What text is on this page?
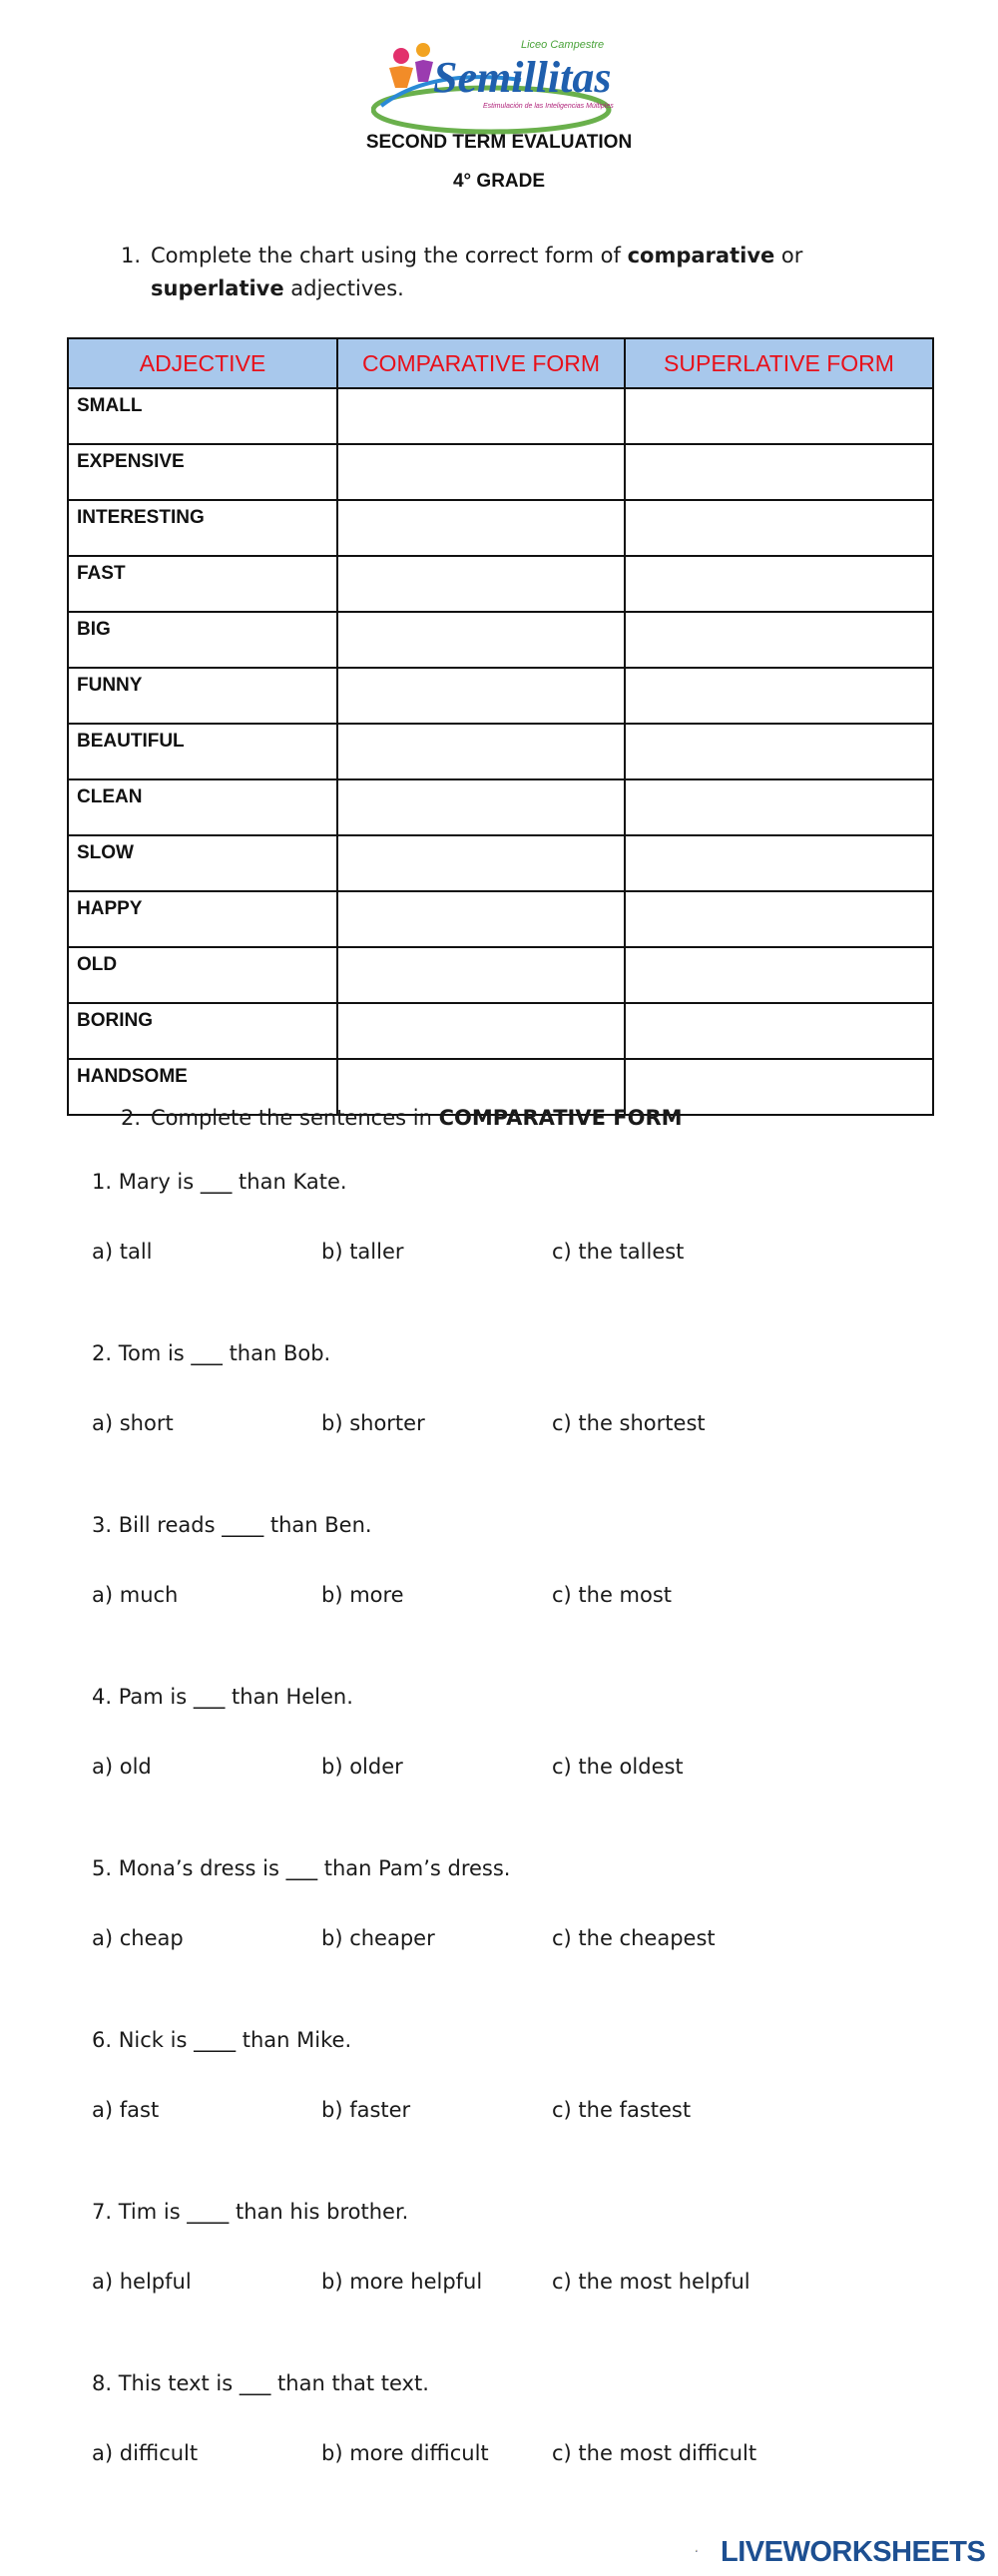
Liceo Campestre
Semillitas
Estimulación de las Inteligencias Múltiples
SECOND TERM EVALUATION
4° GRADE
1. Complete the chart using the correct form of comparative or
superlative adjectives.
ADJECTIVE	COMPARATIVE FORM	SUPERLATIVE FORM
SMALL		
EXPENSIVE		
INTERESTING		
FAST		
BIG		
FUNNY		
BEAUTIFUL		
CLEAN		
SLOW		
HAPPY		
OLD		
BORING		
HANDSOME		
2. Complete the sentences in COMPARATIVE FORM
1. Mary is ___ than Kate.
a) tall	b) taller	c) the tallest
2. Tom is ___ than Bob.
a) short	b) shorter	c) the shortest
3. Bill reads ____ than Ben.
a) much	b) more	c) the most
4. Pam is ___ than Helen.
a) old	b) older	c) the oldest
5. Mona’s dress is ___ than Pam’s dress.
a) cheap	b) cheaper	c) the cheapest
6. Nick is ____ than Mike.
a) fast	b) faster	c) the fastest
7. Tim is ____ than his brother.
a) helpful	b) more helpful	c) the most helpful
8. This text is ___ than that text.
a) difficult	b) more difficult	c) the most difficult
LIVEWORKSHEETS
